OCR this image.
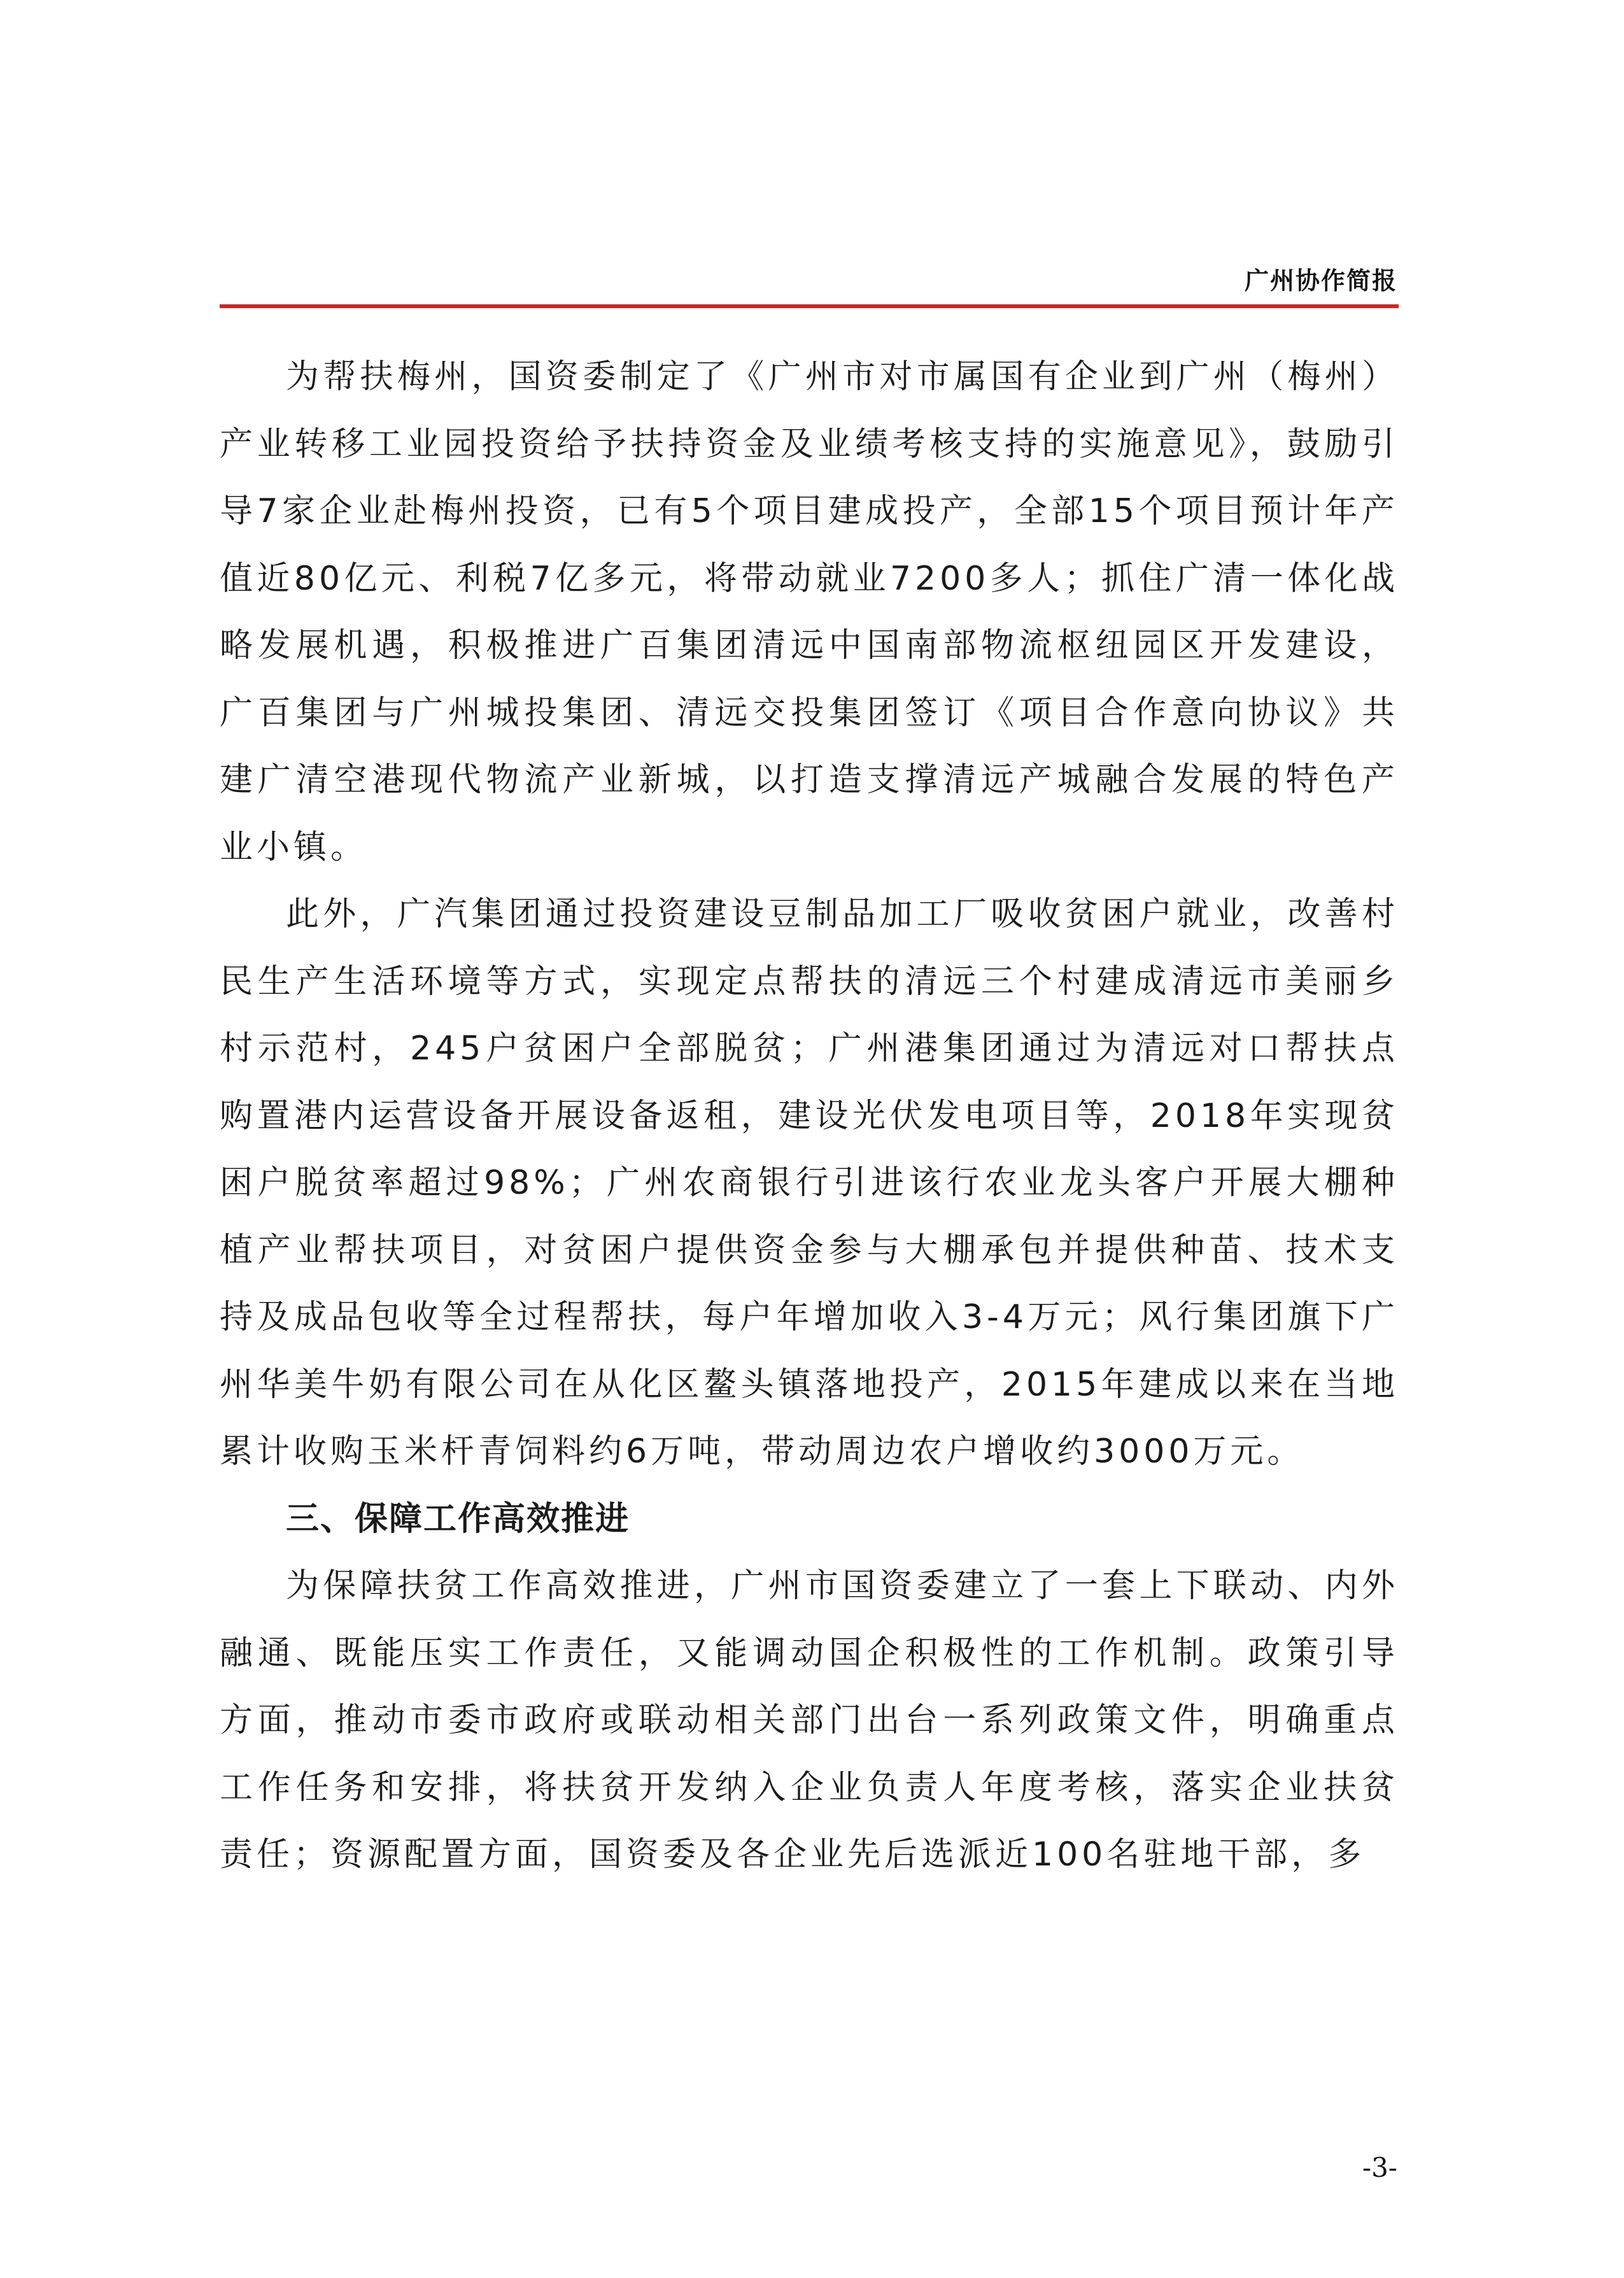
广州协作简报

为帮扶梅州，国资委制定了《广州市对市属国有企业到广州（梅州）产业转移工业园投资给予扶持资金及业绩考核支持的实施意见》，鼓励引导7家企业赴梅州投资，已有5个项目建成投产，全部15个项目预计年产值近80亿元、利税7亿多元，将带动就业7200多人；抓住广清一体化战略发展机遇，积极推进广百集团清远中国南部物流枢纽园区开发建设，广百集团与广州城投集团、清远交投集团签订《项目合作意向协议》共建广清空港现代物流产业新城，以打造支撑清远产城融合发展的特色产业小镇。

此外，广汽集团通过投资建设豆制品加工厂吸收贫困户就业，改善村民生产生活环境等方式，实现定点帮扶的清远三个村建成清远市美丽乡村示范村，245户贫困户全部脱贫；广州港集团通过为清远对口帮扶点购置港内运营设备开展设备返租，建设光伏发电项目等，2018年实现贫困户脱贫率超过98%；广州农商银行引进该行农业龙头客户开展大棚种植产业帮扶项目，对贫困户提供资金参与大棚承包并提供种苗、技术支持及成品包收等全过程帮扶，每户年增加收入3-4万元；风行集团旗下广州华美牛奶有限公司在从化区鳌头镇落地投产，2015年建成以来在当地累计收购玉米杆青饲料约6万吨，带动周边农户增收约3000万元。

三、保障工作高效推进

为保障扶贫工作高效推进，广州市国资委建立了一套上下联动、内外融通、既能压实工作责任，又能调动国企积极性的工作机制。政策引导方面，推动市委市政府或联动相关部门出台一系列政策文件，明确重点工作任务和安排，将扶贫开发纳入企业负责人年度考核，落实企业扶贫责任；资源配置方面，国资委及各企业先后选派近100名驻地干部，多

-3-
